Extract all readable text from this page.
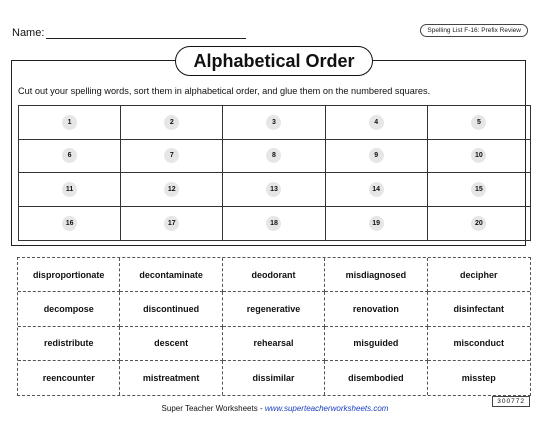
Name:	Spelling List F-16: Prefix Review
Alphabetical Order
Cut out your spelling words, sort them in alphabetical order, and glue them on the numbered squares.
1	2	3	4	5
6	7	8	9	10
11	12	13	14	15
16	17	18	19	20
disproportionate	decontaminate	deodorant	misdiagnosed	decipher
decompose	discontinued	regenerative	renovation	disinfectant
redistribute	descent	rehearsal	misguided	misconduct
reencounter	mistreatment	dissimilar	disembodied	misstep
300772
Super Teacher Worksheets - www.superteacherworksheets.com
